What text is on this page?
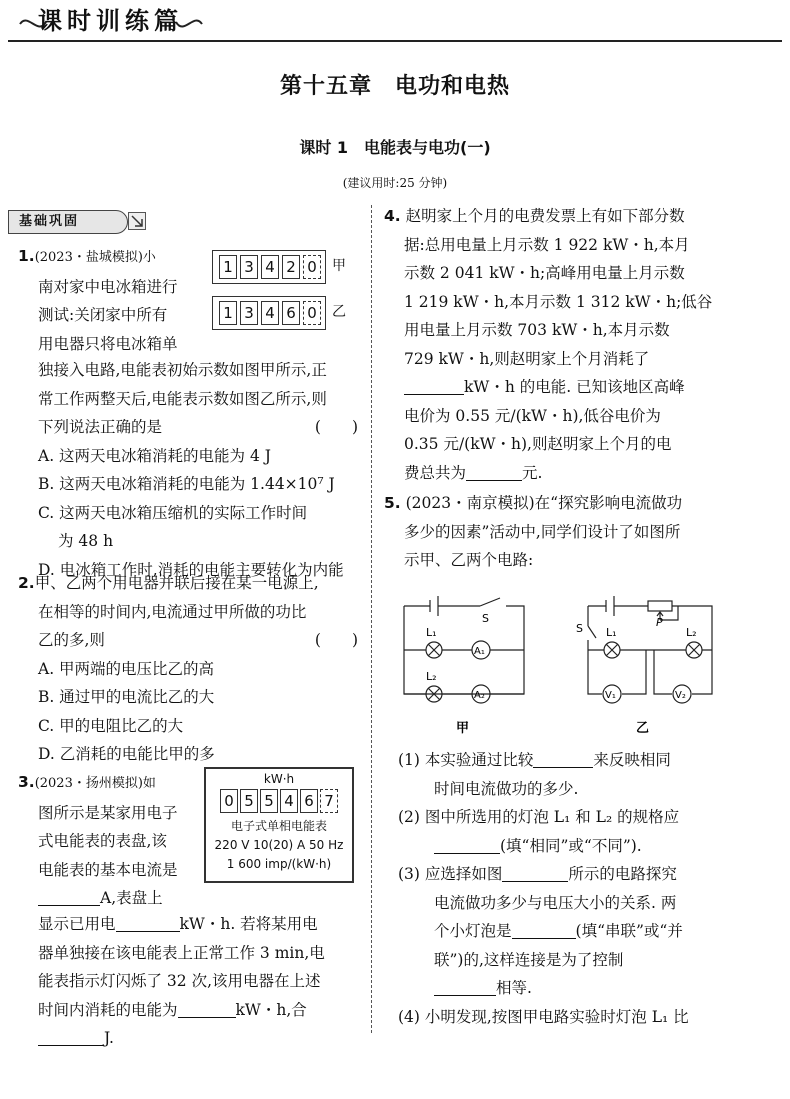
课时训练篇
第十五章　电功和电热
课时 1　电能表与电功(一)
(建议用时:25 分钟)
基础巩固
1.(2023・盐城模拟)小
南对家中电冰箱进行
测试:关闭家中所有
用电器只将电冰箱单
独接入电路,电能表初始示数如图甲所示,正
常工作两整天后,电能表示数如图乙所示,则
下列说法正确的是	(　　)
A. 这两天电冰箱消耗的电能为 4 J
B. 这两天电冰箱消耗的电能为 1.44×10⁷ J
C. 这两天电冰箱压缩机的实际工作时间
为 48 h
D. 电冰箱工作时,消耗的电能主要转化为内能
1 3 4 2 0	甲
1 3 4 6 0	乙
2.甲、乙两个用电器并联后接在某一电源上,
在相等的时间内,电流通过甲所做的功比
乙的多,则	(　　)
A. 甲两端的电压比乙的高
B. 通过甲的电流比乙的大
C. 甲的电阻比乙的大
D. 乙消耗的电能比甲的多
3.(2023・扬州模拟)如
图所示是某家用电子
式电能表的表盘,该
电能表的基本电流是
A,表盘上
显示已用电	kW・h. 若将某用电
器单独接在该电能表上正常工作 3 min,电
能表指示灯闪烁了 32 次,该用电器在上述
时间内消耗的电能为	kW・h,合
J.
kW·h
0 5 5 4 6 7
电子式单相电能表
220 V 10(20) A 50 Hz
1 600 imp/(kW·h)
4. 赵明家上个月的电费发票上有如下部分数
据:总用电量上月示数 1 922 kW・h,本月
示数 2 041 kW・h;高峰用电量上月示数
1 219 kW・h,本月示数 1 312 kW・h;低谷
用电量上月示数 703 kW・h,本月示数
729 kW・h,则赵明家上个月消耗了
kW・h 的电能. 已知该地区高峰
电价为 0.55 元/(kW・h),低谷电价为
0.35 元/(kW・h),则赵明家上个月的电
费总共为	元.
5. (2023・南京模拟)在“探究影响电流做功
多少的因素”活动中,同学们设计了如图所
示甲、乙两个电路:
S
L₁
A₁
L₂
A₂
甲
S	P
L₁	L₂
V₁	V₂
乙
(1) 本实验通过比较	来反映相同
时间电流做功的多少.
(2) 图中所选用的灯泡 L₁ 和 L₂ 的规格应
(填“相同”或“不同”).
(3) 应选择如图	所示的电路探究
电流做功多少与电压大小的关系. 两
个小灯泡是	(填“串联”或“并
联”)的,这样连接是为了控制
相等.
(4) 小明发现,按图甲电路实验时灯泡 L₁ 比
